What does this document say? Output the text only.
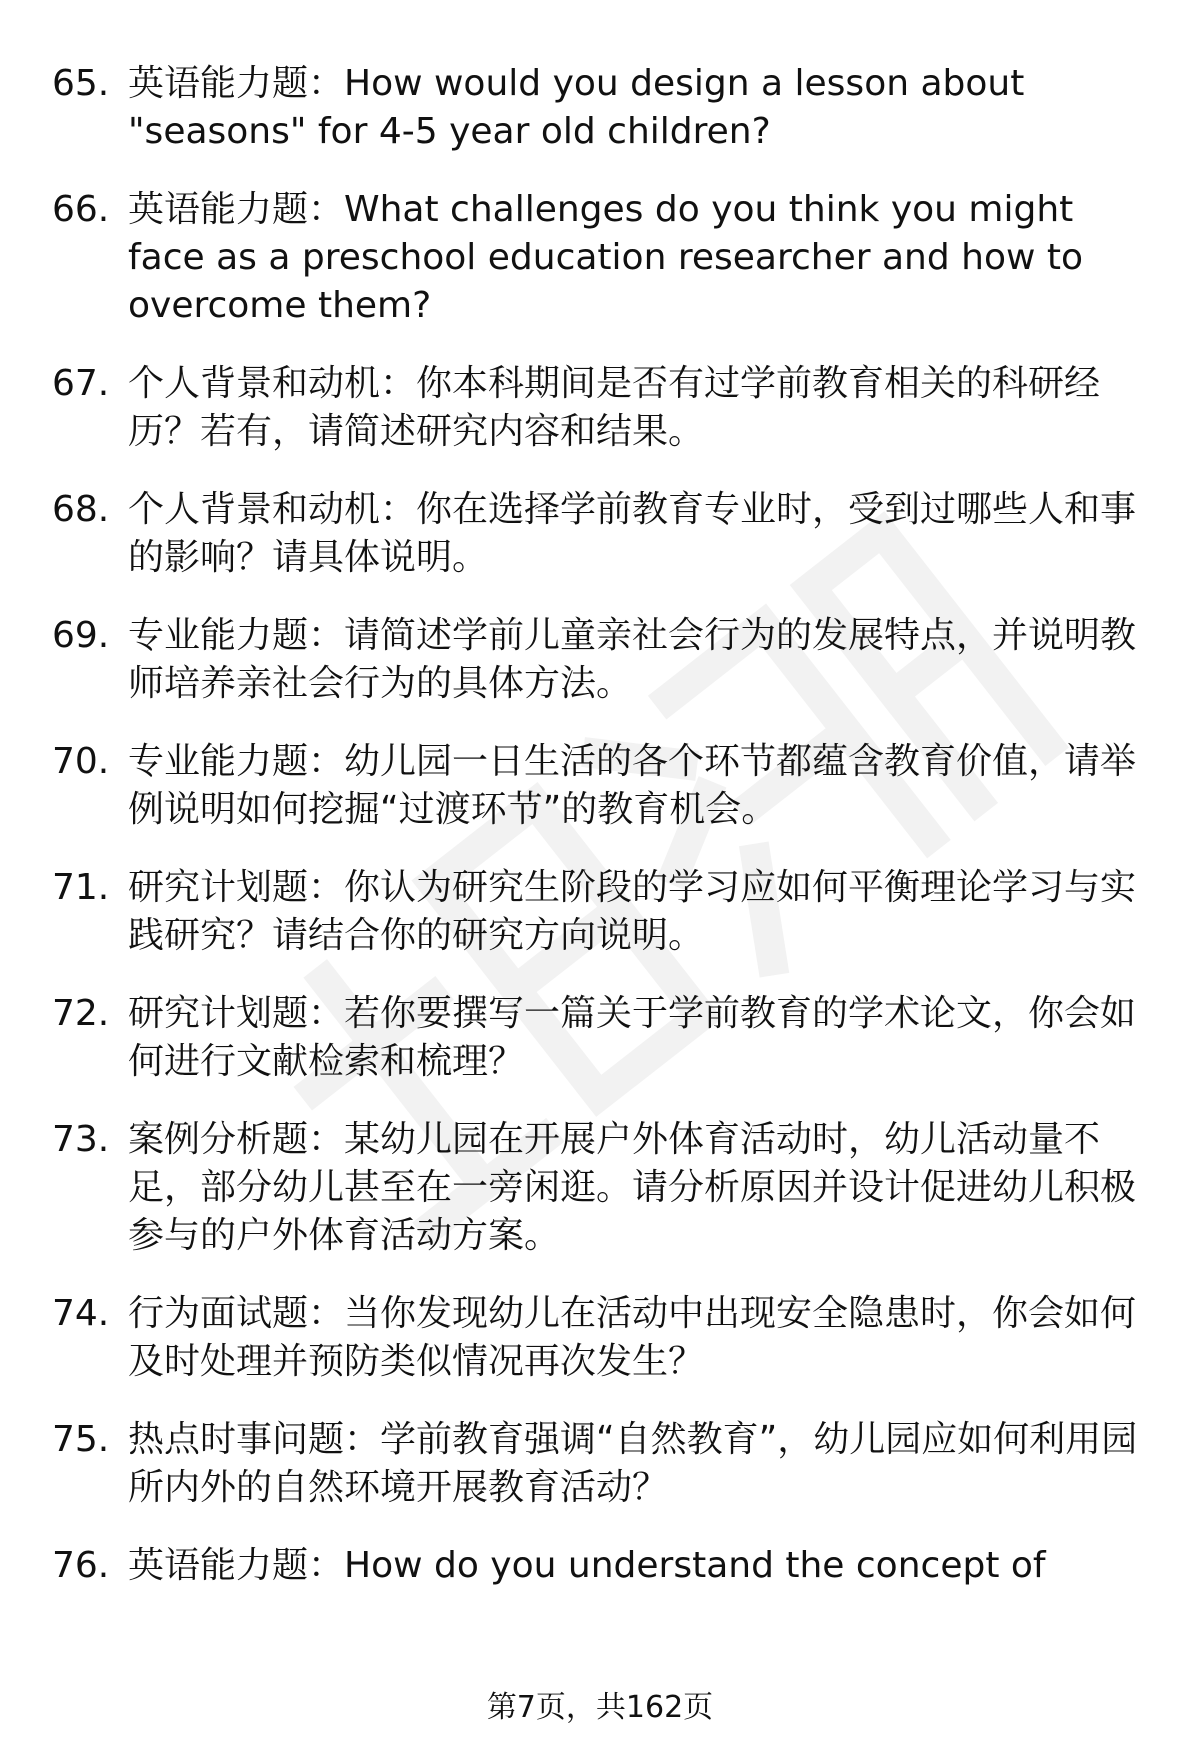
65. 英语能力题：How would you design a lesson about "seasons" for 4-5 year old children?
66. 英语能力题：What challenges do you think you might face as a preschool education researcher and how to overcome them?
67. 个人背景和动机：你本科期间是否有过学前教育相关的科研经历？若有，请简述研究内容和结果。
68. 个人背景和动机：你在选择学前教育专业时，受到过哪些人和事的影响？请具体说明。
69. 专业能力题：请简述学前儿童亲社会行为的发展特点，并说明教师培养亲社会行为的具体方法。
70. 专业能力题：幼儿园一日生活的各个环节都蕴含教育价值，请举例说明如何挖掘“过渡环节”的教育机会。
71. 研究计划题：你认为研究生阶段的学习应如何平衡理论学习与实践研究？请结合你的研究方向说明。
72. 研究计划题：若你要撰写一篇关于学前教育的学术论文，你会如何进行文献检索和梳理？
73. 案例分析题：某幼儿园在开展户外体育活动时，幼儿活动量不足，部分幼儿甚至在一旁闲逛。请分析原因并设计促进幼儿积极参与的户外体育活动方案。
74. 行为面试题：当你发现幼儿在活动中出现安全隐患时，你会如何及时处理并预防类似情况再次发生？
75. 热点时事问题：学前教育强调“自然教育”，幼儿园应如何利用园所内外的自然环境开展教育活动？
76. 英语能力题：How do you understand the concept of
第7页，共162页
